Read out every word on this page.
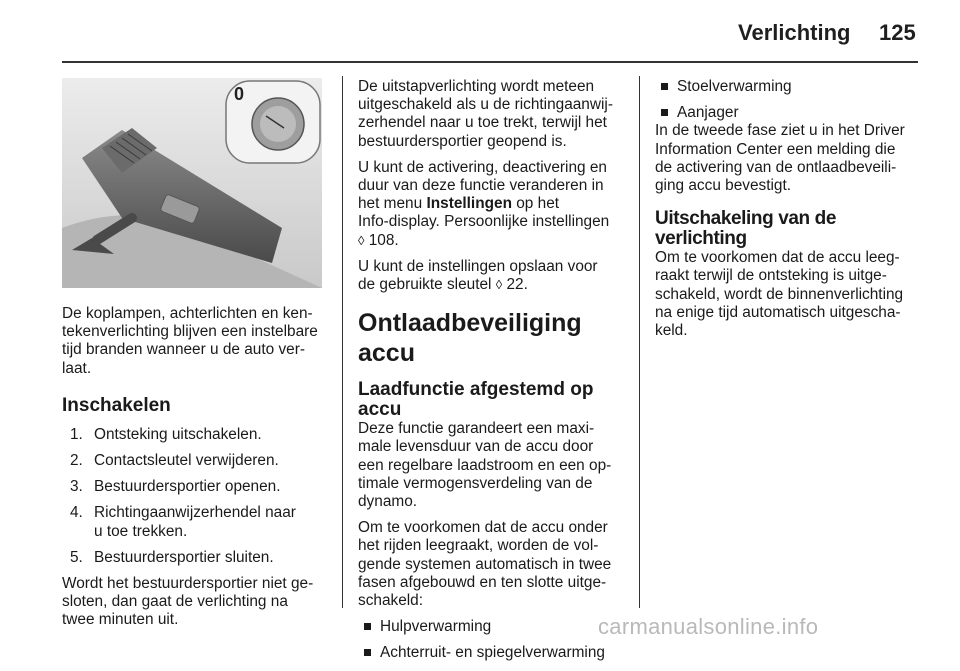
Verlichting 125
0

De koplampen, achterlichten en ken-
tekenverlichting blijven een instelbare
tijd branden wanneer u de auto ver-
laat.

Inschakelen
1. Ontsteking uitschakelen.
2. Contactsleutel verwijderen.
3. Bestuurdersportier openen.
4. Richtingaanwijzerhendel naar
u toe trekken.
5. Bestuurdersportier sluiten.

Wordt het bestuurdersportier niet ge-
sloten, dan gaat de verlichting na
twee minuten uit.

De uitstapverlichting wordt meteen
uitgeschakeld als u de richtingaanwij-
zerhendel naar u toe trekt, terwijl het
bestuurdersportier geopend is.

U kunt de activering, deactivering en
duur van deze functie veranderen in
het menu Instellingen op het
Info-display. Persoonlijke instellingen
◊ 108.

U kunt de instellingen opslaan voor
de gebruikte sleutel ◊ 22.

Ontlaadbeveiliging accu
Laadfunctie afgestemd op accu

Deze functie garandeert een maxi-
male levensduur van de accu door
een regelbare laadstroom en een op-
timale vermogensverdeling van de
dynamo.

Om te voorkomen dat de accu onder
het rijden leegraakt, worden de vol-
gende systemen automatisch in twee
fasen afgebouwd en ten slotte uitge-
schakeld:

Hulpverwarming
Achterruit- en spiegelverwarming
Stoelverwarming
Aanjager

In de tweede fase ziet u in het Driver
Information Center een melding die
de activering van de ontlaadbeveili-
ging accu bevestigt.

Uitschakeling van de verlichting

Om te voorkomen dat de accu leeg-
raakt terwijl de ontsteking is uitge-
schakeld, wordt de binnenverlichting
na enige tijd automatisch uitgescha-
keld.

carmanualsonline.info
